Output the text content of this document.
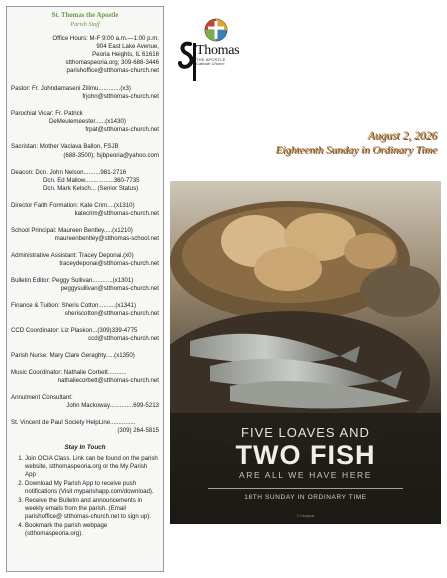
St. Thomas the Apostle
Parish Staff
Office Hours: M-F 9:00 a.m.—1:00 p.m.
904 East Lake Avenue,
Peoria Heights, IL 61616
stthomaspeoria.org; 309-688-3446
parishoffice@stthomas-church.net
Pastor: Fr. Johndamaseni Zilimu.............(x3)
frjohn@stthomas-church.net
Parochial Vicar: Fr. Patrick
DeMeulemeester......(x1430)
frpat@stthomas-church.net
Sacristan: Mother Vaclava Ballon, FSJB
(688-3500); fsjbpeoria@yahoo.com
Deacon: Dcn. John Nelson..........981-2716
Dcn. Ed Mallow.................360-7735
Dcn. Mark Kelsch... (Senior Status)
Director Faith Formation: Kate Crim....(x1310)
katecrim@stthomas-church.net
School Principal: Maureen Bentley.....(x1210)
maureenbentley@stthomas-school.net
Administrative Assistant: Tracey Deponai.(x0)
traceydeponai@stthomas-church.net
Bulletin Editor: Peggy Sullivan............(x1301)
peggysullivan@stthomas-church.net
Finance & Tuition: Sheris Cotton..........(x1341)
sheriscotton@stthomas-church.net
CCD Coordinator: Liz Plaskon...(309)339-4775
ccd@stthomas-church.net
Parish Nurse: Mary Clare Geraghty.....(x1350)
Music Coordinator: Nathalie Corbett...........
nathaliecorbett@stthomas-church.net
Annulment Consultant:
John Mackoway..............699-5213
St. Vincent de Paul Society HelpLine...............
(309) 264-5815
Stay In Touch
1. Join OCIA Class. Link can be found on the parish website, stthomaspeoria.org or the My Parish App
2. Download My Parish App to receive push notifications (Visit myparishapp.com/download).
3. Receive the Bulletin and announcements in weekly emails from the parish. (Email parishoffice@ stthomas-church.net to sign up).
4. Bookmark the parish webpage (stthomaspeoria.org).
Thomas
THE APOSTLE
Catholic Church
August 2, 2026
Eighteenth Sunday in Ordinary Time
FIVE LOAVES AND
TWO FISH
ARE ALL WE HAVE HERE
18TH SUNDAY IN ORDINARY TIME
© Liturgical
